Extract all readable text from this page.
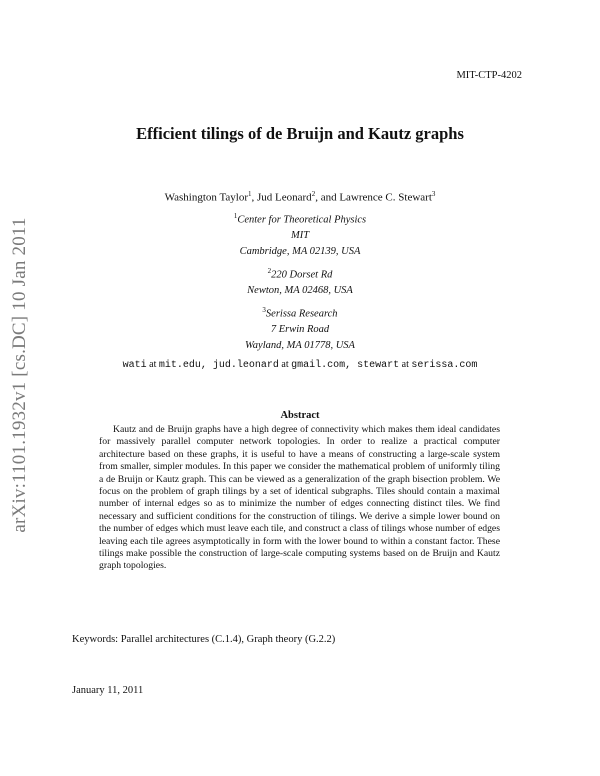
MIT-CTP-4202
arXiv:1101.1932v1 [cs.DC] 10 Jan 2011
Efficient tilings of de Bruijn and Kautz graphs
Washington Taylor$^1$, Jud Leonard$^2$, and Lawrence C. Stewart$^3$
$^1$Center for Theoretical Physics
MIT
Cambridge, MA 02139, USA
$^2$220 Dorset Rd
Newton, MA 02468, USA
$^3$Serissa Research
7 Erwin Road
Wayland, MA 01778, USA
wati at mit.edu, jud.leonard at gmail.com, stewart at serissa.com
Abstract
Kautz and de Bruijn graphs have a high degree of connectivity which makes them ideal candidates for massively parallel computer network topologies. In order to realize a practical computer architecture based on these graphs, it is useful to have a means of constructing a large-scale system from smaller, simpler modules. In this paper we consider the mathematical problem of uniformly tiling a de Bruijn or Kautz graph. This can be viewed as a generalization of the graph bisection problem. We focus on the problem of graph tilings by a set of identical subgraphs. Tiles should contain a maximal number of internal edges so as to minimize the number of edges connecting distinct tiles. We find necessary and sufficient conditions for the construction of tilings. We derive a simple lower bound on the number of edges which must leave each tile, and construct a class of tilings whose number of edges leaving each tile agrees asymptotically in form with the lower bound to within a constant factor. These tilings make possible the construction of large-scale computing systems based on de Bruijn and Kautz graph topologies.
Keywords: Parallel architectures (C.1.4), Graph theory (G.2.2)
January 11, 2011
